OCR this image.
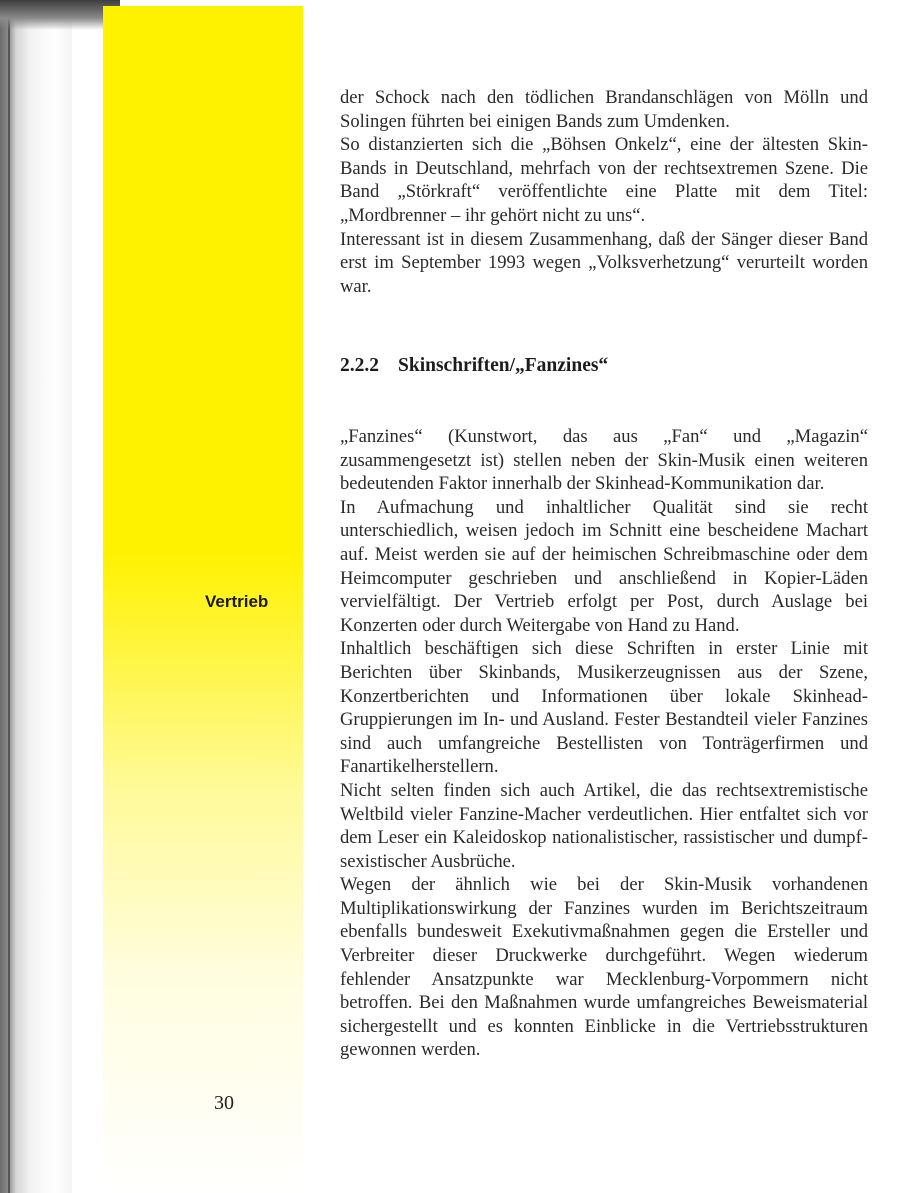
der Schock nach den tödlichen Brandanschlägen von Mölln und Solingen führten bei einigen Bands zum Umdenken.

So distanzierten sich die „Böhsen Onkelz“, eine der ältesten Skin-Bands in Deutschland, mehrfach von der rechtsextremen Szene. Die Band „Störkraft“ veröffentlichte eine Platte mit dem Titel: „Mordbrenner – ihr gehört nicht zu uns“.

Interessant ist in diesem Zusammenhang, daß der Sänger dieser Band erst im September 1993 wegen „Volksverhetzung“ verurteilt worden war.

2.2.2 Skinschriften/„Fanzines“

„Fanzines“ (Kunstwort, das aus „Fan“ und „Magazin“ zusammengesetzt ist) stellen neben der Skin-Musik einen weiteren bedeutenden Faktor innerhalb der Skinhead-Kommunikation dar.

In Aufmachung und inhaltlicher Qualität sind sie recht unterschiedlich, weisen jedoch im Schnitt eine bescheidene Machart auf. Meist werden sie auf der heimischen Schreibmaschine oder dem Heimcomputer geschrieben und anschließend in Kopier-Läden vervielfältigt. Der Vertrieb erfolgt per Post, durch Auslage bei Konzerten oder durch Weitergabe von Hand zu Hand.

Inhaltlich beschäftigen sich diese Schriften in erster Linie mit Berichten über Skinbands, Musikerzeugnissen aus der Szene, Konzertberichten und Informationen über lokale Skinhead-Gruppierungen im In- und Ausland. Fester Bestandteil vieler Fanzines sind auch umfangreiche Bestellisten von Tonträgerfirmen und Fanartikelherstellern.

Nicht selten finden sich auch Artikel, die das rechtsextremistische Weltbild vieler Fanzine-Macher verdeutlichen. Hier entfaltet sich vor dem Leser ein Kaleidoskop nationalistischer, rassistischer und dumpf-sexistischer Ausbrüche.

Wegen der ähnlich wie bei der Skin-Musik vorhandenen Multiplikationswirkung der Fanzines wurden im Berichtszeitraum ebenfalls bundesweit Exekutivmaßnahmen gegen die Ersteller und Verbreiter dieser Druckwerke durchgeführt. Wegen wiederum fehlender Ansatzpunkte war Mecklenburg-Vorpommern nicht betroffen. Bei den Maßnahmen wurde umfangreiches Beweismaterial sichergestellt und es konnten Einblicke in die Vertriebsstrukturen gewonnen werden.

Vertrieb
30
